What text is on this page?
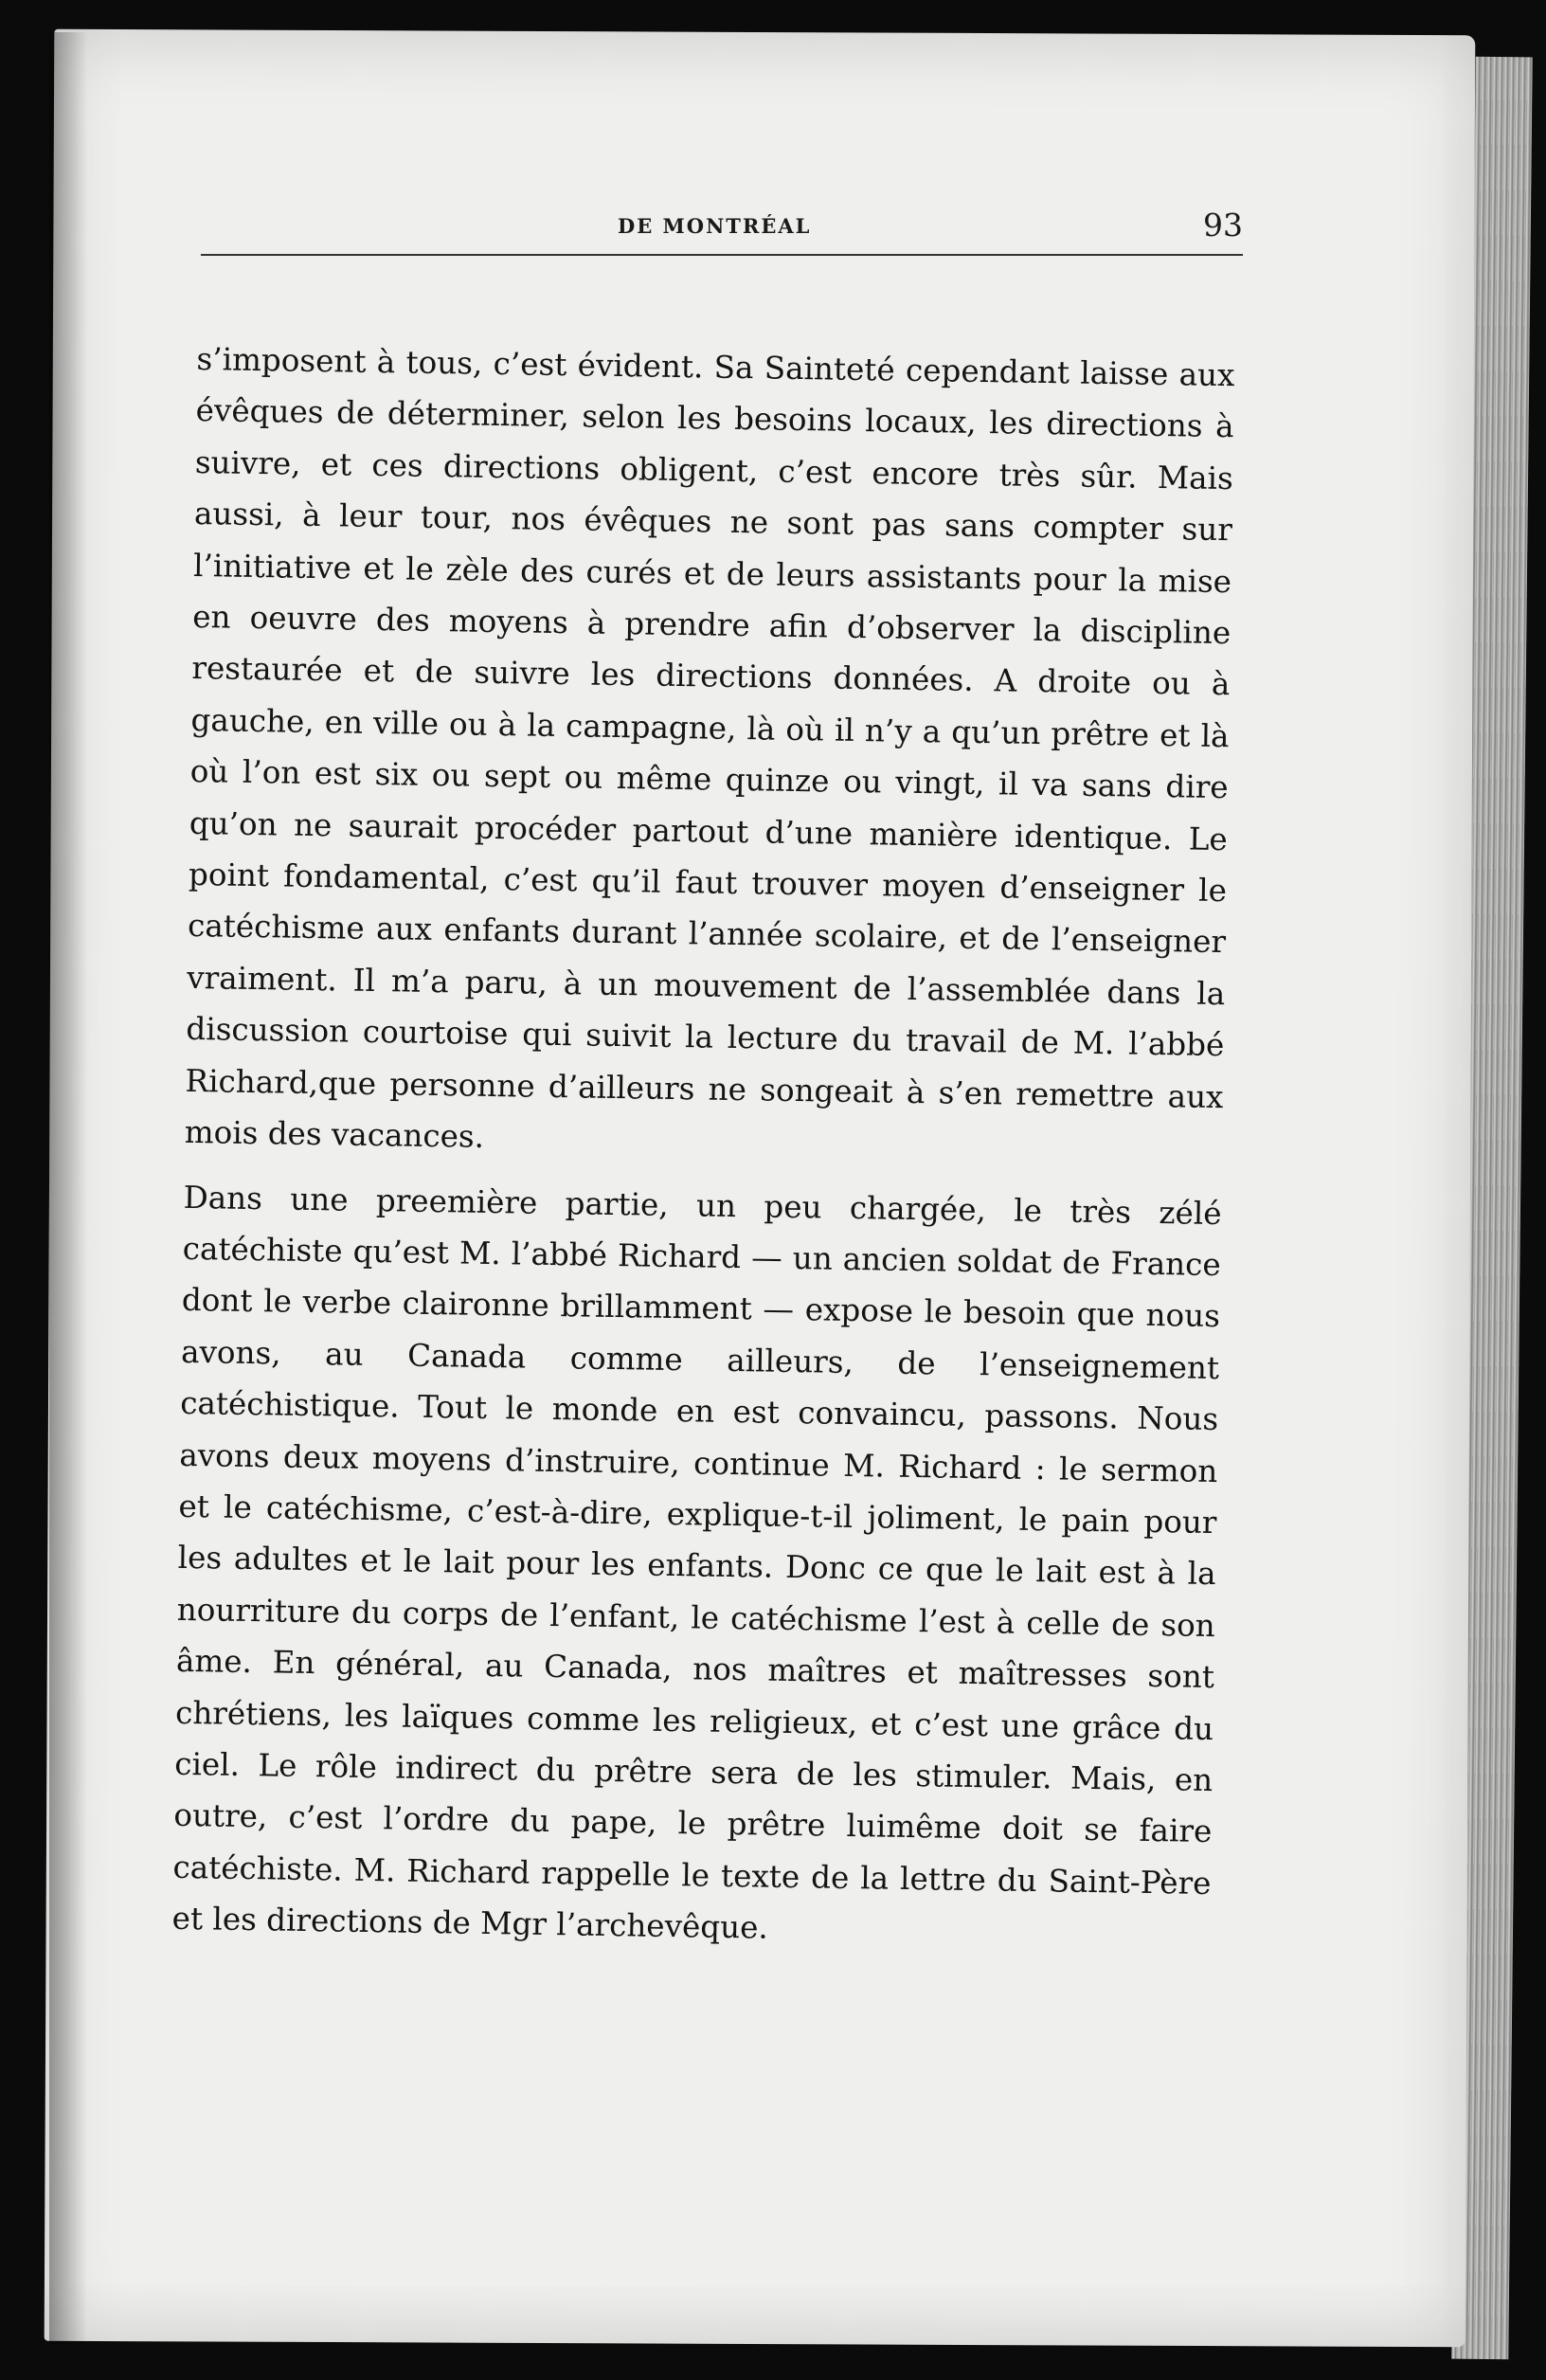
DE MONTRÉAL	93

s’imposent à tous, c’est évident. Sa Sainteté cependant laisse aux évêques de déterminer, selon les besoins locaux, les directions à suivre, et ces directions obligent, c’est encore très sûr. Mais aussi, à leur tour, nos évêques ne sont pas sans compter sur l’initiative et le zèle des curés et de leurs assistants pour la mise en oeuvre des moyens à prendre afin d’observer la discipline restaurée et de suivre les directions données. A droite ou à gauche, en ville ou à la campagne, là où il n’y a qu’un prêtre et là où l’on est six ou sept ou même quinze ou vingt, il va sans dire qu’on ne saurait procéder partout d’une manière identique. Le point fondamental, c’est qu’il faut trouver moyen d’enseigner le catéchisme aux enfants durant l’année scolaire, et de l’enseigner vraiment. Il m’a paru, à un mouvement de l’assemblée dans la discussion courtoise qui suivit la lecture du travail de M. l’abbé Richard,que personne d’ailleurs ne songeait à s’en remettre aux mois des vacances.

Dans une preemière partie, un peu chargée, le très zélé catéchiste qu’est M. l’abbé Richard — un ancien soldat de France dont le verbe claironne brillamment — expose le besoin que nous avons, au Canada comme ailleurs, de l’enseignement catéchistique. Tout le monde en est convaincu, passons. Nous avons deux moyens d’instruire, continue M. Richard : le sermon et le catéchisme, c’est-à-dire, explique-t-il joliment, le pain pour les adultes et le lait pour les enfants. Donc ce que le lait est à la nourriture du corps de l’enfant, le catéchisme l’est à celle de son âme. En général, au Canada, nos maîtres et maîtresses sont chrétiens, les laïques comme les religieux, et c’est une grâce du ciel. Le rôle indirect du prêtre sera de les stimuler. Mais, en outre, c’est l’ordre du pape, le prêtre luimême doit se faire catéchiste. M. Richard rappelle le texte de la lettre du Saint-Père et les directions de Mgr l’archevêque.
